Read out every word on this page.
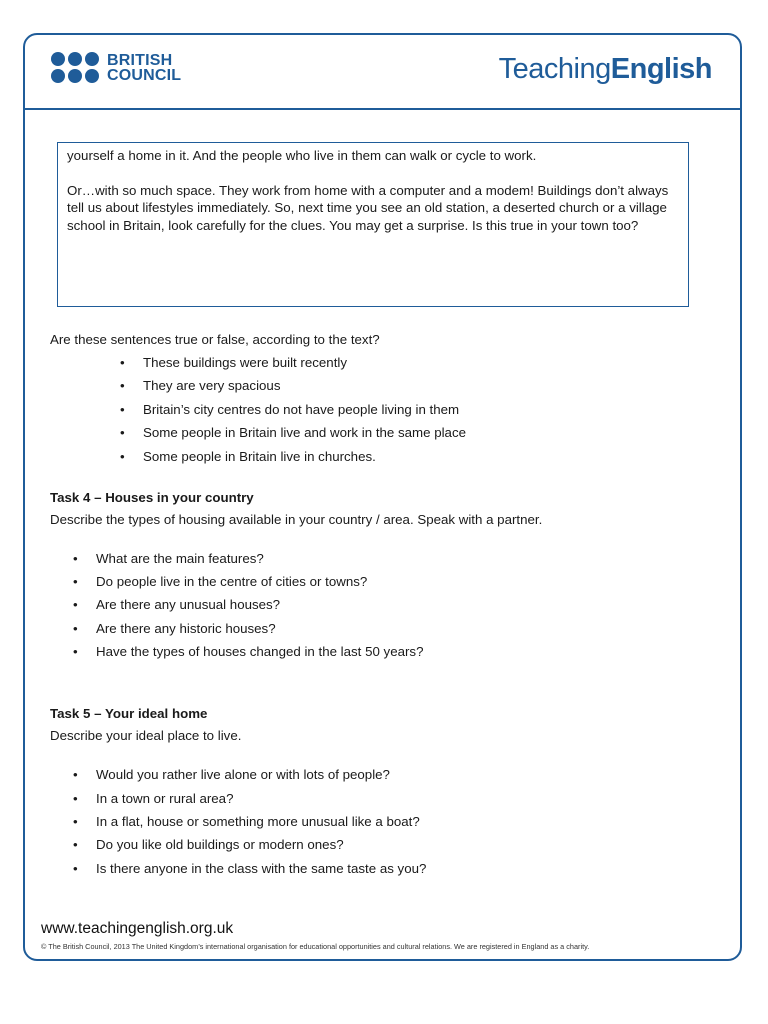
BRITISH
COUNCIL	TeachingEnglish

yourself a home in it. And the people who live in them can walk or cycle to work.

Or…with so much space. They work from home with a computer and a modem! Buildings don’t always tell us about lifestyles immediately. So, next time you see an old station, a deserted church or a village school in Britain, look carefully for the clues. You may get a surprise. Is this true in your town too?

Are these sentences true or false, according to the text?

• These buildings were built recently
• They are very spacious
• Britain’s city centres do not have people living in them
• Some people in Britain live and work in the same place
• Some people in Britain live in churches.

Task 4 – Houses in your country

Describe the types of housing available in your country / area. Speak with a partner.

• What are the main features?
• Do people live in the centre of cities or towns?
• Are there any unusual houses?
• Are there any historic houses?
• Have the types of houses changed in the last 50 years?

Task 5 – Your ideal home

Describe your ideal place to live.

• Would you rather live alone or with lots of people?
• In a town or rural area?
• In a flat, house or something more unusual like a boat?
• Do you like old buildings or modern ones?
• Is there anyone in the class with the same taste as you?
www.teachingenglish.org.uk
© The British Council, 2013 The United Kingdom’s international organisation for educational opportunities and cultural relations. We are registered in England as a charity.
